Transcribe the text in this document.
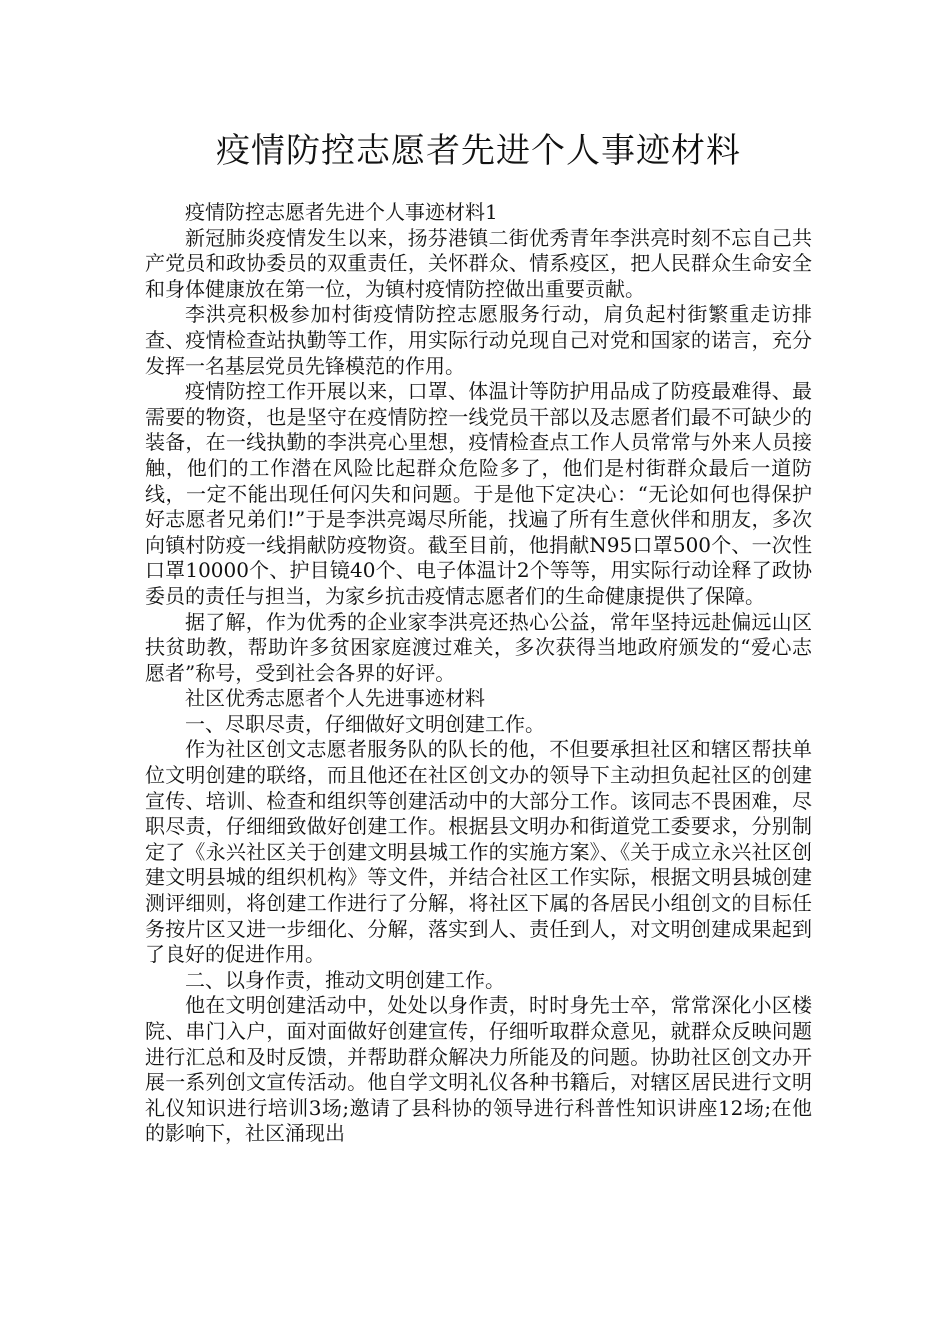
疫情防控志愿者先进个人事迹材料

疫情防控志愿者先进个人事迹材料1

新冠肺炎疫情发生以来，扬芬港镇二街优秀青年李洪亮时刻不忘自己共产党员和政协委员的双重责任，关怀群众、情系疫区，把人民群众生命安全和身体健康放在第一位，为镇村疫情防控做出重要贡献。

李洪亮积极参加村街疫情防控志愿服务行动，肩负起村街繁重走访排查、疫情检查站执勤等工作，用实际行动兑现自己对党和国家的诺言，充分发挥一名基层党员先锋模范的作用。

疫情防控工作开展以来，口罩、体温计等防护用品成了防疫最难得、最需要的物资，也是坚守在疫情防控一线党员干部以及志愿者们最不可缺少的装备，在一线执勤的李洪亮心里想，疫情检查点工作人员常常与外来人员接触，他们的工作潜在风险比起群众危险多了，他们是村街群众最后一道防线，一定不能出现任何闪失和问题。于是他下定决心：“无论如何也得保护好志愿者兄弟们!”于是李洪亮竭尽所能，找遍了所有生意伙伴和朋友，多次向镇村防疫一线捐献防疫物资。截至目前，他捐献N95口罩500个、一次性口罩10000个、护目镜40个、电子体温计2个等等，用实际行动诠释了政协委员的责任与担当，为家乡抗击疫情志愿者们的生命健康提供了保障。

据了解，作为优秀的企业家李洪亮还热心公益，常年坚持远赴偏远山区扶贫助教，帮助许多贫困家庭渡过难关，多次获得当地政府颁发的“爱心志愿者”称号，受到社会各界的好评。

社区优秀志愿者个人先进事迹材料

一、尽职尽责，仔细做好文明创建工作。

作为社区创文志愿者服务队的队长的他，不但要承担社区和辖区帮扶单位文明创建的联络，而且他还在社区创文办的领导下主动担负起社区的创建宣传、培训、检查和组织等创建活动中的大部分工作。该同志不畏困难，尽职尽责，仔细细致做好创建工作。根据县文明办和街道党工委要求，分别制定了《永兴社区关于创建文明县城工作的实施方案》、《关于成立永兴社区创建文明县城的组织机构》等文件，并结合社区工作实际，根据文明县城创建测评细则，将创建工作进行了分解，将社区下属的各居民小组创文的目标任务按片区又进一步细化、分解，落实到人、责任到人，对文明创建成果起到了良好的促进作用。

二、以身作责，推动文明创建工作。

他在文明创建活动中，处处以身作责，时时身先士卒，常常深化小区楼院、串门入户，面对面做好创建宣传，仔细听取群众意见，就群众反映问题进行汇总和及时反馈，并帮助群众解决力所能及的问题。协助社区创文办开展一系列创文宣传活动。他自学文明礼仪各种书籍后，对辖区居民进行文明礼仪知识进行培训3场;邀请了县科协的领导进行科普性知识讲座12场;在他的影响下，社区涌现出
